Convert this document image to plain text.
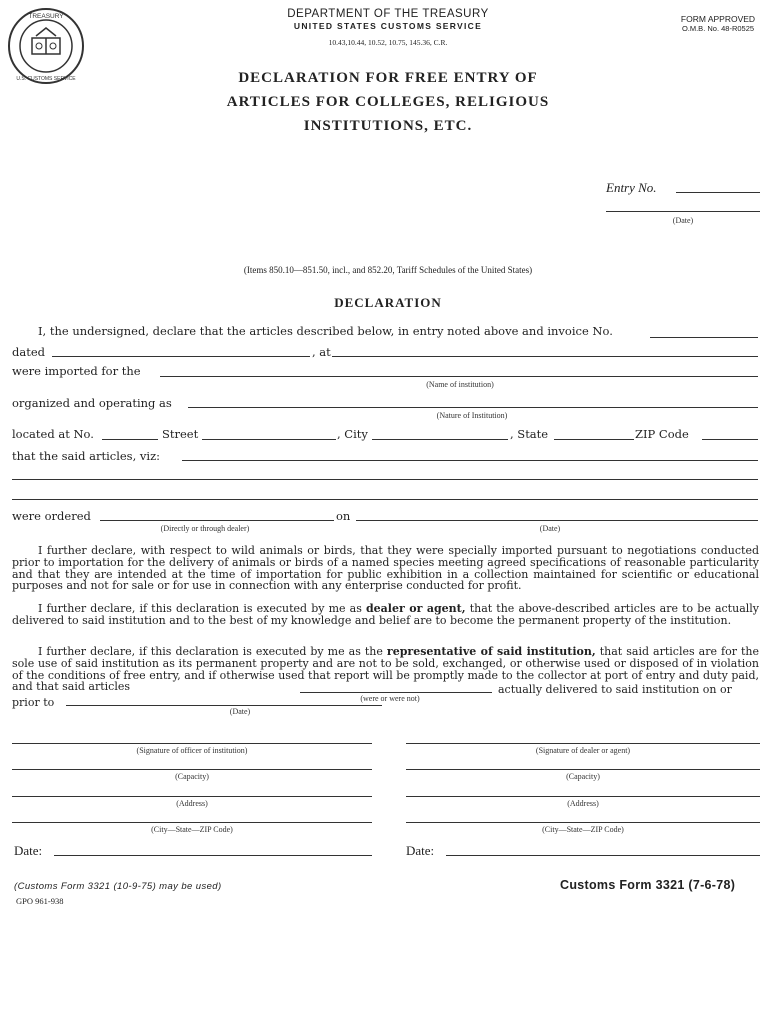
TREASURY
U.S. CUSTOMS SERVICE
DEPARTMENT OF THE TREASURY
UNITED STATES CUSTOMS SERVICE
10.43,10.44, 10.52, 10.75, 145.36, C.R.
FORM APPROVED
O.M.B. No. 48-R0525
DECLARATION FOR FREE ENTRY OF
ARTICLES FOR COLLEGES, RELIGIOUS
INSTITUTIONS, ETC.
Entry No.
(Date)
(Items 850.10—851.50, incl., and 852.20, Tariff Schedules of the United States)
DECLARATION
I, the undersigned, declare that the articles described below, in entry noted above and invoice No.
dated	, at
were imported for the
(Name of institution)
organized and operating as
(Nature of Institution)
located at No.	Street	, City	, State	ZIP Code
that the said articles, viz:
were ordered
(Directly or through dealer)
on
(Date)
I further declare, with respect to wild animals or birds, that they were specially imported pursuant to negotiations conducted prior to importation for the delivery of animals or birds of a named species meeting agreed specifications of reasonable particularity and that they are intended at the time of importation for public exhibition in a collection maintained for scientific or educational purposes and not for sale or for use in connection with any enterprise conducted for profit.
I further declare, if this declaration is executed by me as dealer or agent, that the above-described articles are to be actually delivered to said institution and to the best of my knowledge and belief are to become the permanent property of the institution.
I further declare, if this declaration is executed by me as the representative of said institution, that said articles are for the sole use of said institution as its permanent property and are not to be sold, exchanged, or otherwise used or disposed of in violation of the conditions of free entry, and if otherwise used that report will be promptly made to the collector at port of entry and duty paid, and that said articles	actually delivered to said institution on or
(were or were not)
prior to
(Date)
(Signature of officer of institution)
(Capacity)
(Address)
(City—State—ZIP Code)
Date:
(Signature of dealer or agent)
(Capacity)
(Address)
(City—State—ZIP Code)
Date:
(Customs Form 3321 (10-9-75) may be used)
GPO 961-938
Customs Form 3321 (7-6-78)
